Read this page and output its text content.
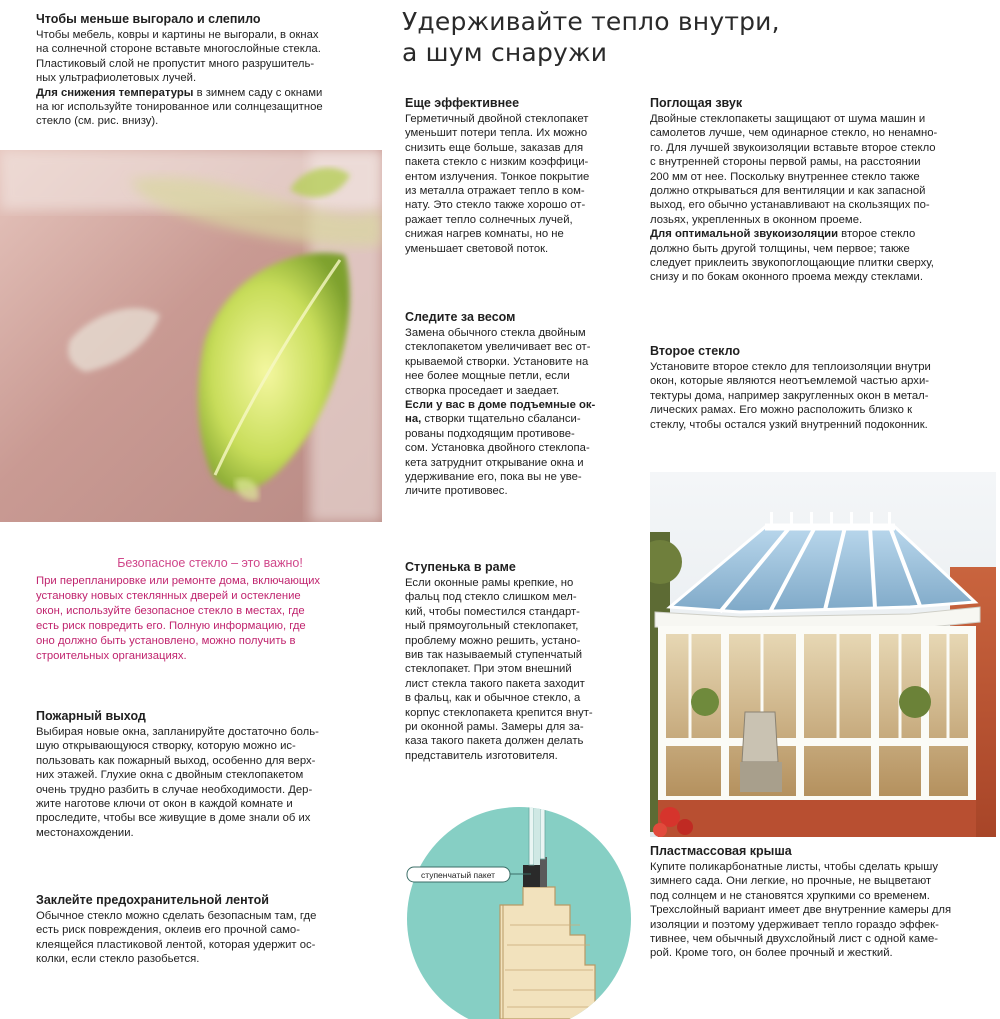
Удерживайте тепло внутри,
а шум снаружи
Чтобы меньше выгорало и слепило
Чтобы мебель, ковры и картины не выгорали, в окнах
на солнечной стороне вставьте многослойные стекла.
Пластиковый слой не пропустит много разрушитель-
ных ультрафиолетовых лучей.
Для снижения температуры в зимнем саду с окнами
на юг используйте тонированное или солнцезащитное
стекло (см. рис. внизу).
Безопасное стекло – это важно!
При перепланировке или ремонте дома, включающих
установку новых стеклянных дверей и остекление
окон, используйте безопасное стекло в местах, где
есть риск повредить его. Полную информацию, где
оно должно быть установлено, можно получить в
строительных организациях.
Пожарный выход
Выбирая новые окна, запланируйте достаточно боль-
шую открывающуюся створку, которую можно ис-
пользовать как пожарный выход, особенно для верх-
них этажей. Глухие окна с двойным стеклопакетом
очень трудно разбить в случае необходимости. Дер-
жите наготове ключи от окон в каждой комнате и
проследите, чтобы все живущие в доме знали об их
местонахождении.
Заклейте предохранительной лентой
Обычное стекло можно сделать безопасным там, где
есть риск повреждения, оклеив его прочной само-
клеящейся пластиковой лентой, которая удержит ос-
колки, если стекло разобьется.
Еще эффективнее
Герметичный двойной стеклопакет
уменьшит потери тепла. Их можно
снизить еще больше, заказав для
пакета стекло с низким коэффици-
ентом излучения. Тонкое покрытие
из металла отражает тепло в ком-
нату. Это стекло также хорошо от-
ражает тепло солнечных лучей,
снижая нагрев комнаты, но не
уменьшает световой поток.
Следите за весом
Замена обычного стекла двойным
стеклопакетом увеличивает вес от-
крываемой створки. Установите на
нее более мощные петли, если
створка проседает и заедает.
Если у вас в доме подъемные ок-
на, створки тщательно сбаланси-
рованы подходящим противове-
сом. Установка двойного стеклопа-
кета затруднит открывание окна и
удерживание его, пока вы не уве-
личите противовес.
Ступенька в раме
Если оконные рамы крепкие, но
фальц под стекло слишком мел-
кий, чтобы поместился стандарт-
ный прямоугольный стеклопакет,
проблему можно решить, устано-
вив так называемый ступенчатый
стеклопакет. При этом внешний
лист стекла такого пакета заходит
в фальц, как и обычное стекло, а
корпус стеклопакета крепится внут-
ри оконной рамы. Замеры для за-
каза такого пакета должен делать
представитель изготовителя.
ступенчатый пакет
Поглощая звук
Двойные стеклопакеты защищают от шума машин и
самолетов лучше, чем одинарное стекло, но ненамно-
го. Для лучшей звукоизоляции вставьте второе стекло
с внутренней стороны первой рамы, на расстоянии
200 мм от нее. Поскольку внутреннее стекло также
должно открываться для вентиляции и как запасной
выход, его обычно устанавливают на скользящих по-
лозьях, укрепленных в оконном проеме.
Для оптимальной звукоизоляции второе стекло
должно быть другой толщины, чем первое; также
следует приклеить звукопоглощающие плитки сверху,
снизу и по бокам оконного проема между стеклами.
Второе стекло
Установите второе стекло для теплоизоляции внутри
окон, которые являются неотъемлемой частью архи-
тектуры дома, например закругленных окон в метал-
лических рамах. Его можно расположить близко к
стеклу, чтобы остался узкий внутренний подоконник.
Пластмассовая крыша
Купите поликарбонатные листы, чтобы сделать крышу
зимнего сада. Они легкие, но прочные, не выцветают
под солнцем и не становятся хрупкими со временем.
Трехслойный вариант имеет две внутренние камеры для
изоляции и поэтому удерживает тепло гораздо эффек-
тивнее, чем обычный двухслойный лист с одной камe-
рой. Кроме того, он более прочный и жесткий.
